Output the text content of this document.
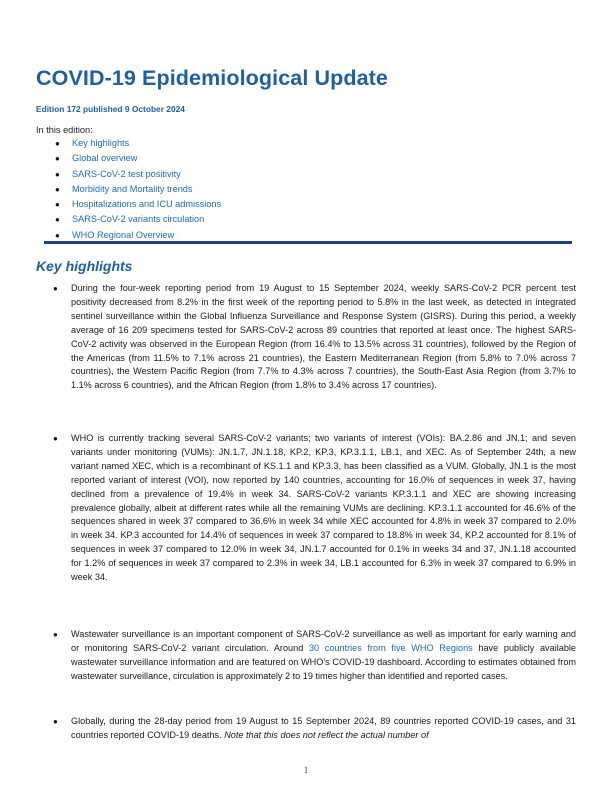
COVID-19 Epidemiological Update
Edition 172 published 9 October 2024
In this edition:
● Key highlights
● Global overview
● SARS-CoV-2 test positivity
● Morbidity and Mortality trends
● Hospitalizations and ICU admissions
● SARS-CoV-2 variants circulation
● WHO Regional Overview
Key highlights

● During the four-week reporting period from 19 August to 15 September 2024, weekly SARS-CoV-2 PCR percent test positivity decreased from 8.2% in the first week of the reporting period to 5.8% in the last week, as detected in integrated sentinel surveillance within the Global Influenza Surveillance and Response System (GISRS). During this period, a weekly average of 16 209 specimens tested for SARS-CoV-2 across 89 countries that reported at least once. The highest SARS-CoV-2 activity was observed in the European Region (from 16.4% to 13.5% across 31 countries), followed by the Region of the Americas (from 11.5% to 7.1% across 21 countries), the Eastern Mediterranean Region (from 5.8% to 7.0% across 7 countries), the Western Pacific Region (from 7.7% to 4.3% across 7 countries), the South-East Asia Region (from 3.7% to 1.1% across 6 countries), and the African Region (from 1.8% to 3.4% across 17 countries).

● WHO is currently tracking several SARS-CoV-2 variants; two variants of interest (VOIs): BA.2.86 and JN.1; and seven variants under monitoring (VUMs): JN.1.7, JN.1.18, KP.2, KP.3, KP.3.1.1, LB.1, and XEC. As of September 24th, a new variant named XEC, which is a recombinant of KS.1.1 and KP.3.3, has been classified as a VUM. Globally, JN.1 is the most reported variant of interest (VOI), now reported by 140 countries, accounting for 16.0% of sequences in week 37, having declined from a prevalence of 19.4% in week 34. SARS-CoV-2 variants KP.3.1.1 and XEC are showing increasing prevalence globally, albeit at different rates while all the remaining VUMs are declining. KP.3.1.1 accounted for 46.6% of the sequences shared in week 37 compared to 36.6% in week 34 while XEC accounted for 4.8% in week 37 compared to 2.0% in week 34. KP.3 accounted for 14.4% of sequences in week 37 compared to 18.8% in week 34, KP.2 accounted for 8.1% of sequences in week 37 compared to 12.0% in week 34, JN.1.7 accounted for 0.1% in weeks 34 and 37, JN.1.18 accounted for 1.2% of sequences in week 37 compared to 2.3% in week 34, LB.1 accounted for 6.3% in week 37 compared to 6.9% in week 34.

● Wastewater surveillance is an important component of SARS-CoV-2 surveillance as well as important for early warning and or monitoring SARS-CoV-2 variant circulation. Around 30 countries from five WHO Regions have publicly available wastewater surveillance information and are featured on WHO’s COVID-19 dashboard. According to estimates obtained from wastewater surveillance, circulation is approximately 2 to 19 times higher than identified and reported cases.

● Globally, during the 28-day period from 19 August to 15 September 2024, 89 countries reported COVID-19 cases, and 31 countries reported COVID-19 deaths. Note that this does not reflect the actual number of

1
